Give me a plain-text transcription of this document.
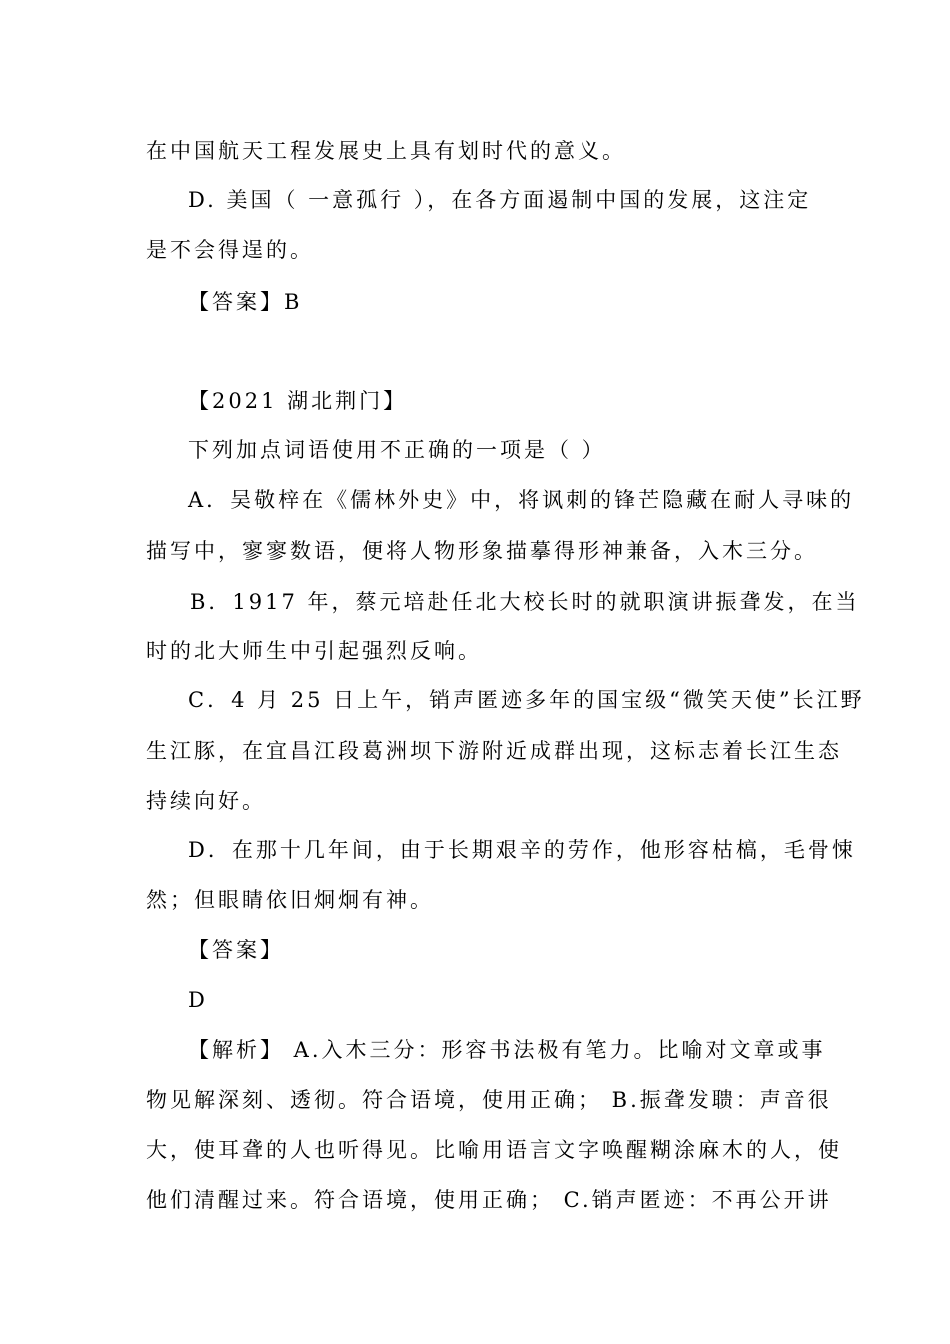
在中国航天工程发展史上具有划时代的意义。
D. 美国（ 一意孤行 ），在各方面遏制中国的发展，这注定
是不会得逞的。
【答案】B
【2021 湖北荆门】
下列加点词语使用不正确的一项是（ ）
A．吴敬梓在《儒林外史》中，将讽刺的锋芒隐藏在耐人寻味的
描写中，寥寥数语，便将人物形象描摹得形神兼备，入木三分。
B．1917 年，蔡元培赴任北大校长时的就职演讲振聋发，在当
时的北大师生中引起强烈反响。
C．4 月 25 日上午，销声匿迹多年的国宝级“微笑天使”长江野
生江豚，在宜昌江段葛洲坝下游附近成群出现，这标志着长江生态
持续向好。
D．在那十几年间，由于长期艰辛的劳作，他形容枯槁，毛骨悚
然；但眼睛依旧炯炯有神。
【答案】
D
【解析】 A.入木三分：形容书法极有笔力。比喻对文章或事
物见解深刻、透彻。符合语境，使用正确； B.振聋发聩：声音很
大，使耳聋的人也听得见。比喻用语言文字唤醒糊涂麻木的人，使
他们清醒过来。符合语境，使用正确； C.销声匿迹：不再公开讲
